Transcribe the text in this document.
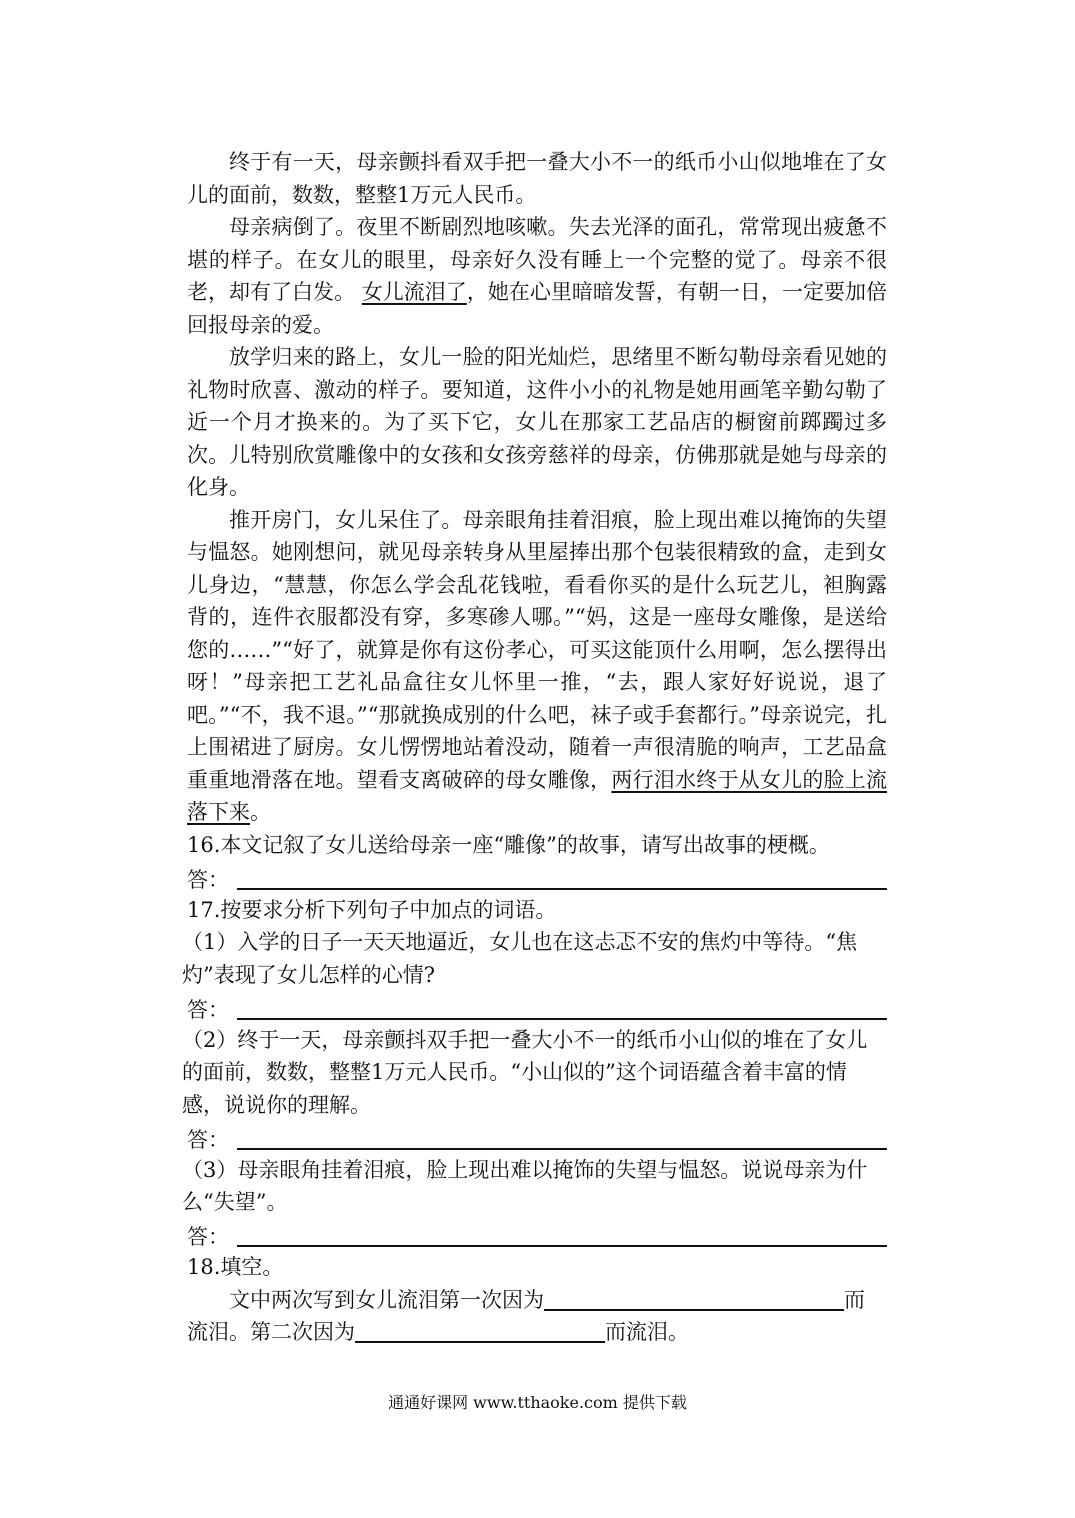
终于有一天，母亲颤抖看双手把一叠大小不一的纸币小山似地堆在了女儿的面前，数数，整整1万元人民币。

母亲病倒了。夜里不断剧烈地咳嗽。失去光泽的面孔，常常现出疲惫不堪的样子。在女儿的眼里，母亲好久没有睡上一个完整的觉了。母亲不很老，却有了白发。 女儿流泪了，她在心里暗暗发誓，有朝一日，一定要加倍回报母亲的爱。

放学归来的路上，女儿一脸的阳光灿烂，思绪里不断勾勒母亲看见她的礼物时欣喜、激动的样子。要知道，这件小小的礼物是她用画笔辛勤勾勒了近一个月才换来的。为了买下它，女儿在那家工艺品店的橱窗前踯躅过多次。儿特别欣赏雕像中的女孩和女孩旁慈祥的母亲，仿佛那就是她与母亲的化身。

推开房门，女儿呆住了。母亲眼角挂着泪痕，脸上现出难以掩饰的失望与愠怒。她刚想问，就见母亲转身从里屋捧出那个包装很精致的盒，走到女儿身边，“慧慧，你怎么学会乱花钱啦，看看你买的是什么玩艺儿，袒胸露背的，连件衣服都没有穿，多寒碜人哪。”“妈，这是一座母女雕像，是送给您的……”“好了，就算是你有这份孝心，可买这能顶什么用啊，怎么摆得出呀！”母亲把工艺礼品盒往女儿怀里一推，“去，跟人家好好说说，退了吧。”“不，我不退。”“那就换成别的什么吧，袜子或手套都行。”母亲说完，扎上围裙进了厨房。女儿愣愣地站着没动，随着一声很清脆的响声，工艺品盒重重地滑落在地。望看支离破碎的母女雕像，两行泪水终于从女儿的脸上流落下来。

16.本文记叙了女儿送给母亲一座“雕像”的故事，请写出故事的梗概。

答：

17.按要求分析下列句子中加点的词语。

（1）入学的日子一天天地逼近，女儿也在这忐忑不安的焦灼中等待。“焦灼”表现了女儿怎样的心情?

答：

（2）终于一天，母亲颤抖双手把一叠大小不一的纸币小山似的堆在了女儿的面前，数数，整整1万元人民币。“小山似的”这个词语蕴含着丰富的情感，说说你的理解。

答：

（3）母亲眼角挂着泪痕，脸上现出难以掩饰的失望与愠怒。说说母亲为什么“失望”。

答：

18.填空。

文中两次写到女儿流泪第一次因为	而

流泪。第二次因为	而流泪。

通通好课网 www.tthaoke.com 提供下载
